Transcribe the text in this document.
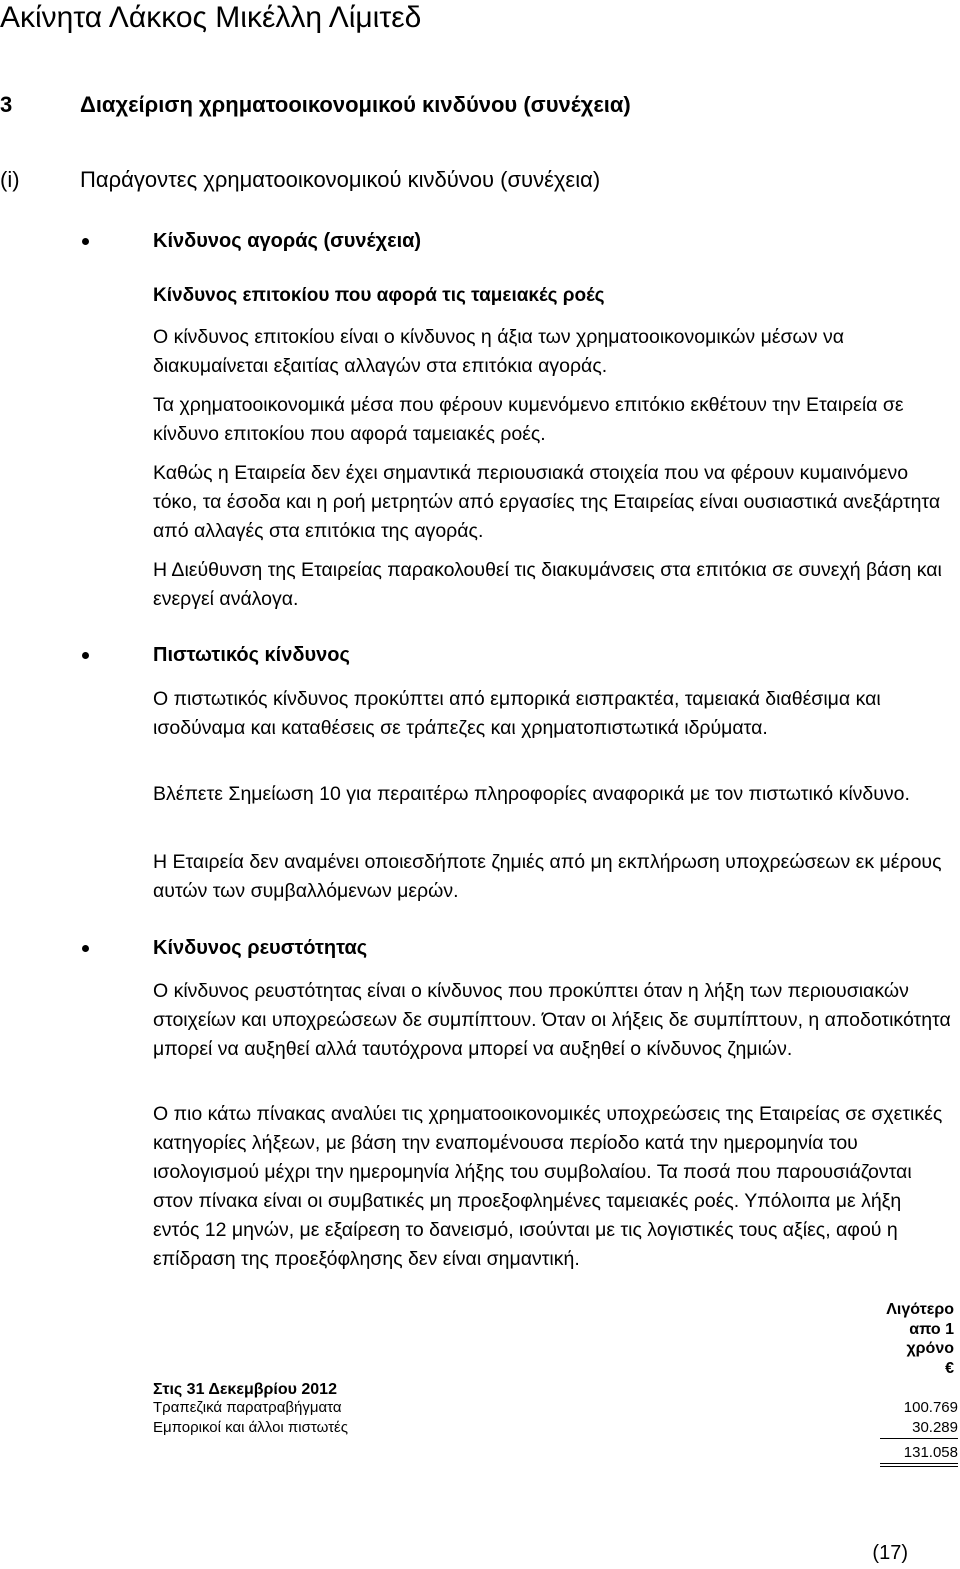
Ακίνητα Λάκκος Μικέλλη Λίμιτεδ
3	Διαχείριση χρηματοοικονομικού κινδύνου (συνέχεια)
(i)	Παράγοντες χρηματοοικονομικού κινδύνου (συνέχεια)
Κίνδυνος αγοράς (συνέχεια)
Κίνδυνος επιτοκίου που αφορά τις ταμειακές ροές
Ο κίνδυνος επιτοκίου είναι ο κίνδυνος η άξια των χρηματοοικονομικών μέσων να διακυμαίνεται εξαιτίας αλλαγών στα επιτόκια αγοράς.
Τα χρηματοοικονομικά μέσα που φέρουν κυμενόμενο επιτόκιο εκθέτουν την Εταιρεία σε κίνδυνο επιτοκίου που αφορά ταμειακές ροές.
Καθώς η Εταιρεία δεν έχει σημαντικά περιουσιακά στοιχεία που να φέρουν κυμαινόμενο τόκο, τα έσοδα και η ροή μετρητών από εργασίες της Εταιρείας είναι ουσιαστικά ανεξάρτητα από αλλαγές στα επιτόκια της αγοράς.
Η Διεύθυνση της Εταιρείας παρακολουθεί τις διακυμάνσεις στα επιτόκια σε συνεχή βάση και ενεργεί ανάλογα.
Πιστωτικός κίνδυνος
Ο πιστωτικός κίνδυνος προκύπτει από εμπορικά εισπρακτέα, ταμειακά διαθέσιμα και ισοδύναμα και καταθέσεις σε τράπεζες και χρηματοπιστωτικά ιδρύματα.
Βλέπετε Σημείωση 10 για περαιτέρω πληροφορίες αναφορικά με τον πιστωτικό κίνδυνο.
Η Εταιρεία δεν αναμένει οποιεσδήποτε ζημιές από μη εκπλήρωση υποχρεώσεων εκ μέρους αυτών των συμβαλλόμενων μερών.
Κίνδυνος ρευστότητας
Ο κίνδυνος ρευστότητας είναι ο κίνδυνος που προκύπτει όταν η λήξη των περιουσιακών στοιχείων και υποχρεώσεων δε συμπίπτουν. Όταν οι λήξεις δε συμπίπτουν, η αποδοτικότητα μπορεί να αυξηθεί αλλά ταυτόχρονα μπορεί να αυξηθεί ο κίνδυνος ζημιών.
Ο πιο κάτω πίνακας αναλύει τις χρηματοοικονομικές υποχρεώσεις της Εταιρείας σε σχετικές κατηγορίες λήξεων, με βάση την εναπομένουσα περίοδο κατά την ημερομηνία του ισολογισμού μέχρι την ημερομηνία λήξης του συμβολαίου. Τα ποσά που παρουσιάζονται στον πίνακα είναι οι συμβατικές μη προεξοφλημένες ταμειακές ροές. Υπόλοιπα με λήξη εντός 12 μηνών, με εξαίρεση το δανεισμό, ισούνται με τις λογιστικές τους αξίες, αφού η επίδραση της προεξόφλησης δεν είναι σημαντική.
Λιγότερο
απο 1
χρόνο
€
Στις 31 Δεκεμβρίου 2012
Τραπεζικά παρατραβήγματα	100.769
Εμπορικοί και άλλοι πιστωτές	30.289
131.058
(17)
